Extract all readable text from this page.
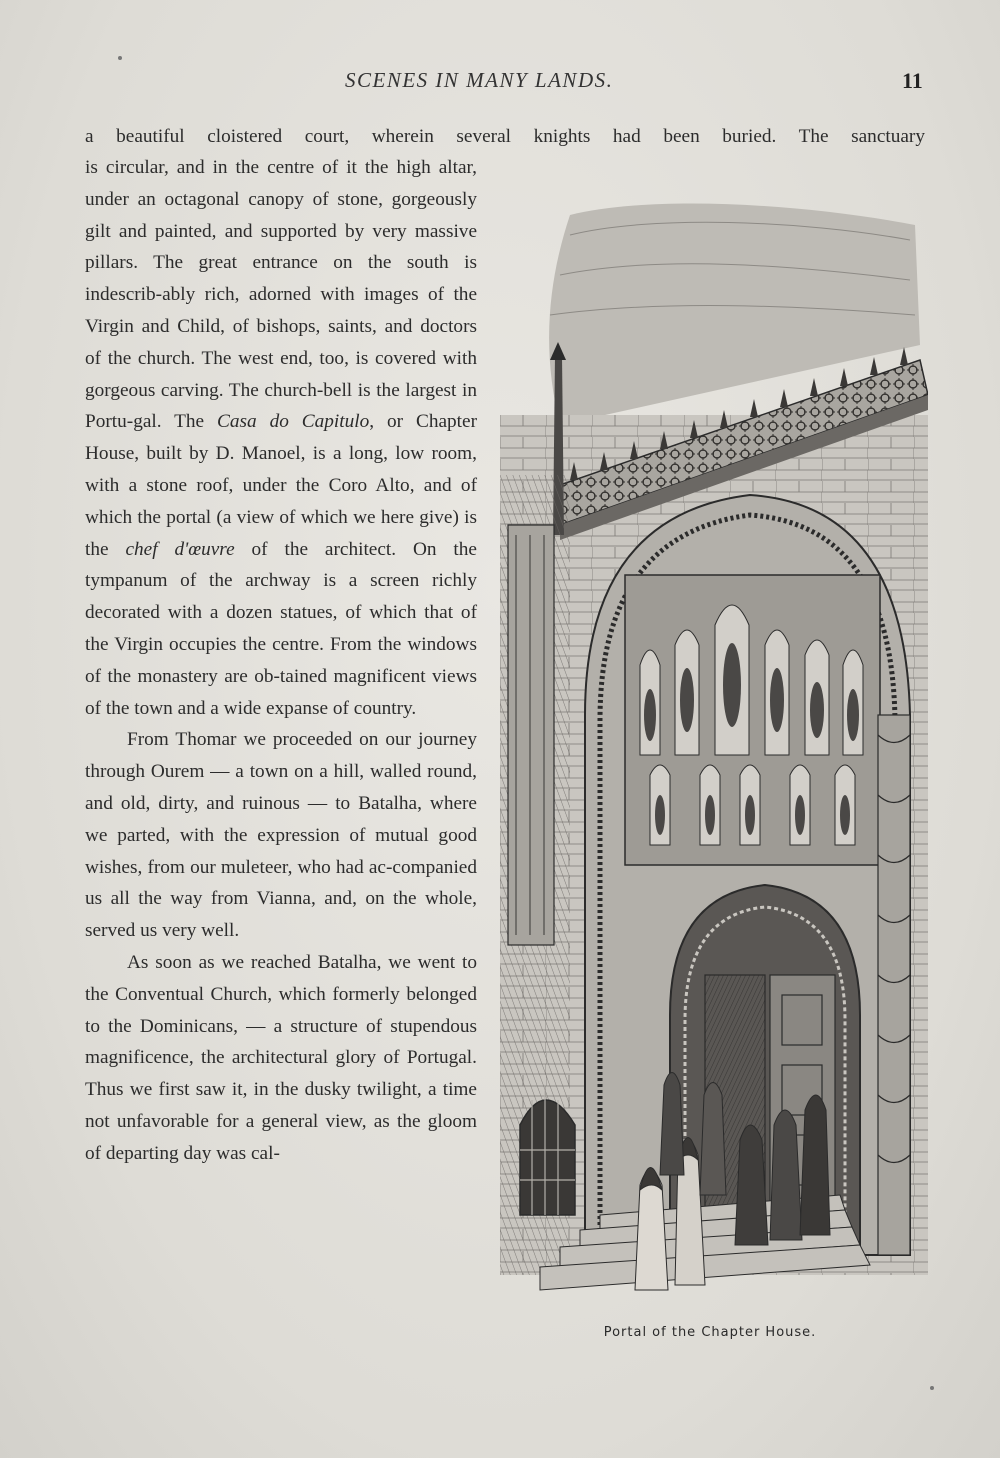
SCENES IN MANY LANDS.	11
a beautiful cloistered court, wherein several knights had been buried. The sanctuary

is circular, and in the centre of it the high altar, under an octagonal canopy of stone, gorgeously gilt and painted, and supported by very massive pillars. The great entrance on the south is indescrib-ably rich, adorned with images of the Virgin and Child, of bishops, saints, and doctors of the church. The west end, too, is covered with gorgeous carving. The church-bell is the largest in Portu-gal. The Casa do Capitulo, or Chapter House, built by D. Manoel, is a long, low room, with a stone roof, under the Coro Alto, and of which the portal (a view of which we here give) is the chef d'œuvre of the architect. On the tympanum of the archway is a screen richly decorated with a dozen statues, of which that of the Virgin occupies the centre. From the windows of the monastery are ob-tained magnificent views of the town and a wide expanse of country.

From Thomar we proceeded on our journey through Ourem — a town on a hill, walled round, and old, dirty, and ruinous — to Batalha, where we parted, with the expression of mutual good wishes, from our muleteer, who had ac-companied us all the way from Vianna, and, on the whole, served us very well.

As soon as we reached Batalha, we went to the Conventual Church, which formerly belonged to the Dominicans, — a structure of stupendous magnificence, the architectural glory of Portugal. Thus we first saw it, in the dusky twilight, a time not unfavorable for a general view, as the gloom of departing day was cal-

Portal of the Chapter House.
